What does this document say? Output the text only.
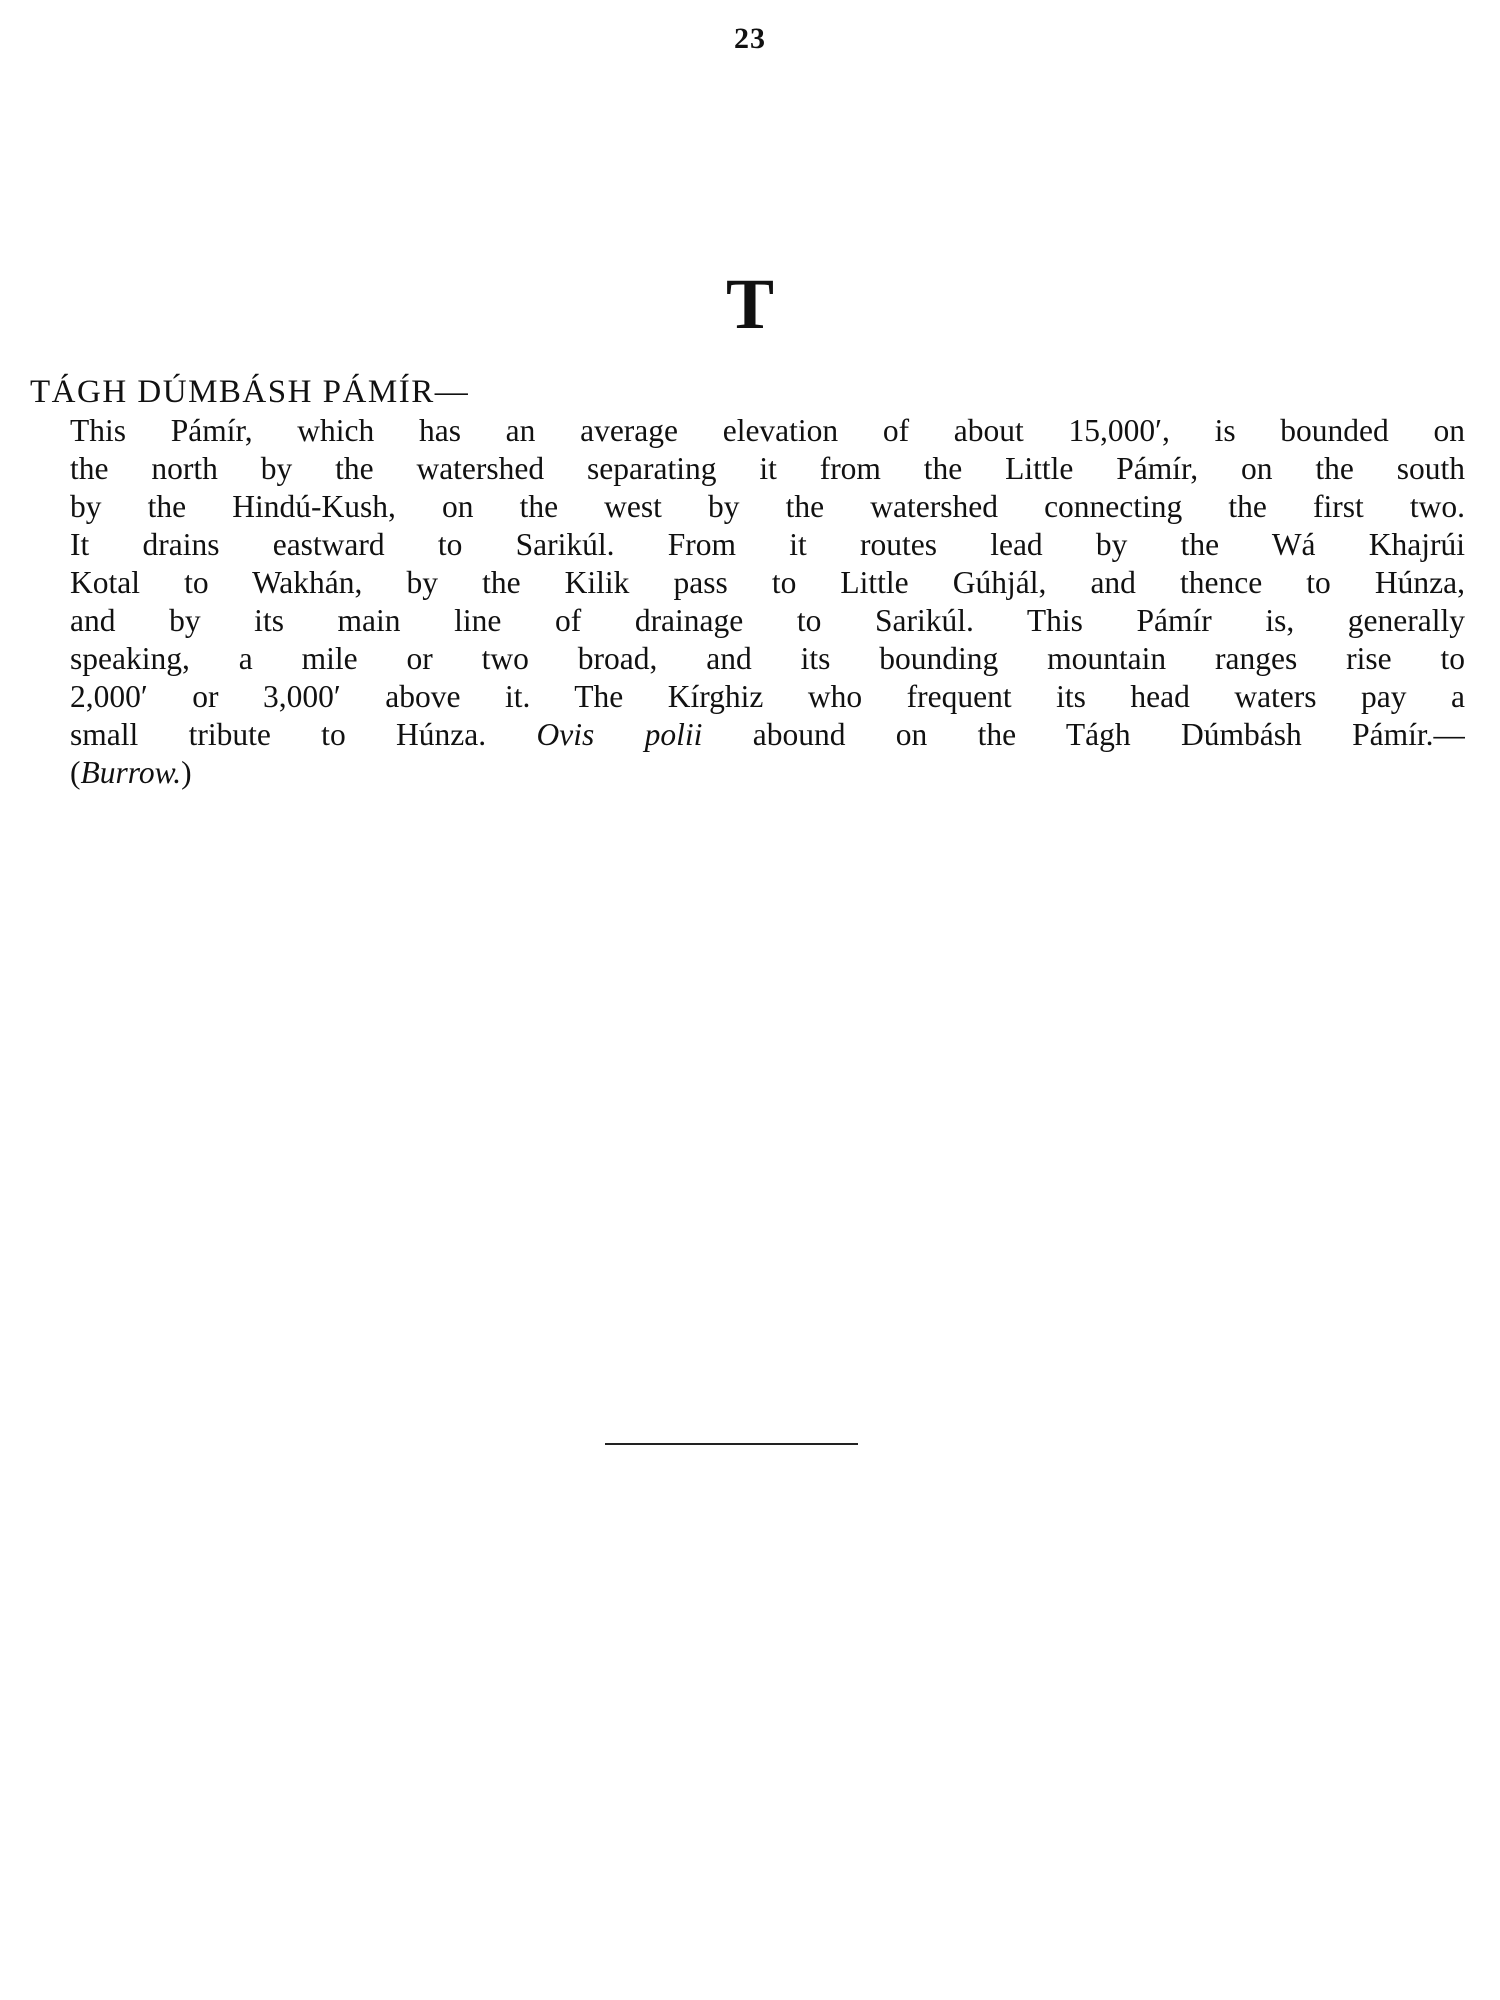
23
T
TÁGH DÚMBÁSH PÁMÍR—

This Pámír, which has an average elevation of about 15,000′, is bounded on
the north by the watershed separating it from the Little Pámír, on the south
by the Hindú-Kush, on the west by the watershed connecting the first two.
It drains eastward to Sarikúl. From it routes lead by the Wá Khajrúi
Kotal to Wakhán, by the Kilik pass to Little Gúhjál, and thence to Húnza,
and by its main line of drainage to Sarikúl. This Pámír is, generally
speaking, a mile or two broad, and its bounding mountain ranges rise to
2,000′ or 3,000′ above it. The Kírghiz who frequent its head waters pay a
small tribute to Húnza. Ovis polii abound on the Tágh Dúmbásh Pámír.—
(Burrow.)
